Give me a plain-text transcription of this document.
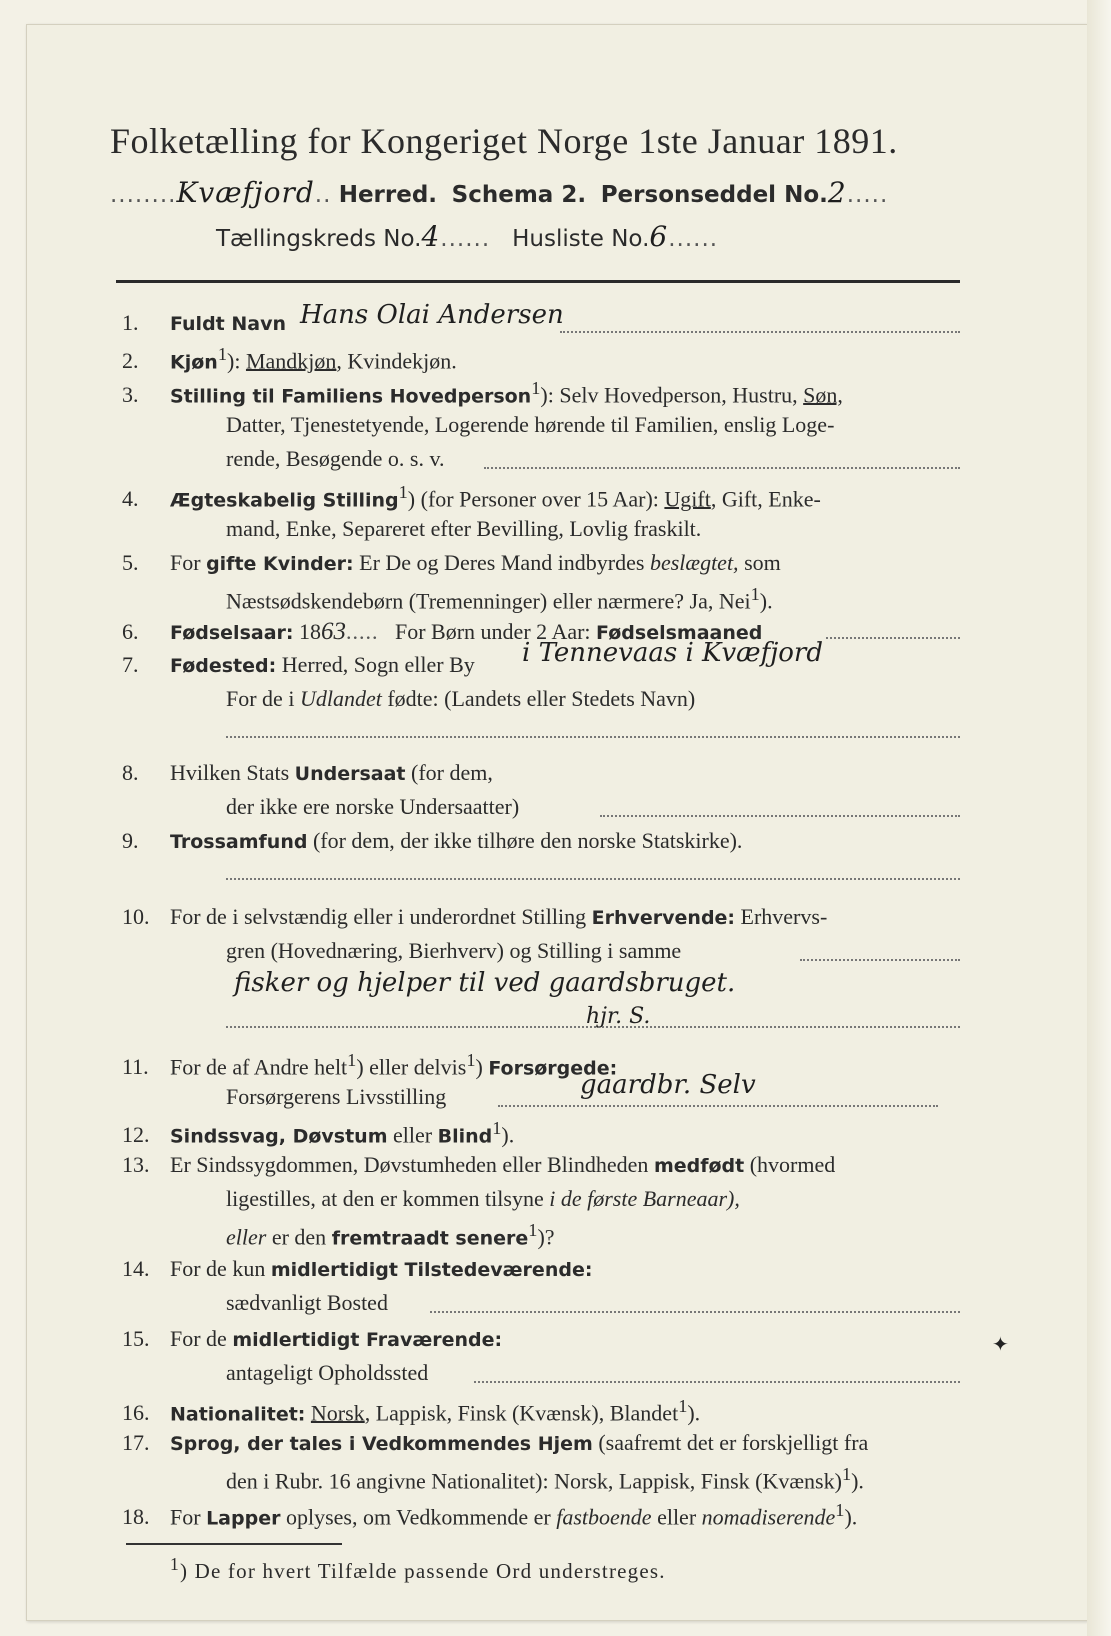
Folketælling for Kongeriget Norge 1ste Januar 1891.
........Kvæfjord.. Herred. Schema 2. Personseddel No.2.....
Tællingskreds No.4...... Husliste No.6......
1. Fuldt Navn Hans Olai Andersen
2. Kjøn$^1$): Mandkjøn, Kvindekjøn.
3. Stilling til Familiens Hovedperson$^1$): Selv Hovedperson, Hustru, Søn,
Datter, Tjenestetyende, Logerende hørende til Familien, enslig Loge-
rende, Besøgende o. s. v.
4. Ægteskabelig Stilling$^1$) (for Personer over 15 Aar): Ugift, Gift, Enke-
mand, Enke, Separeret efter Bevilling, Lovlig fraskilt.
5. For gifte Kvinder: Er De og Deres Mand indbyrdes beslægtet, som
Næstsødskendebørn (Tremenninger) eller nærmere? Ja, Nei$^1$).
6. Fødselsaar: 1863..... For Børn under 2 Aar: Fødselsmaaned
7. Fødested: Herred, Sogn eller By	i Tennevaas i Kvæfjord
For de i Udlandet fødte: (Landets eller Stedets Navn)
8. Hvilken Stats Undersaat (for dem,
der ikke ere norske Undersaatter)
9. Trossamfund (for dem, der ikke tilhøre den norske Statskirke).
10. For de i selvstændig eller i underordnet Stilling Erhvervende: Erhvervs-
gren (Hovednæring, Bierhverv) og Stilling i samme
fisker og hjelper til ved gaardsbruget.
hjr. S.
11. For de af Andre helt$^1$) eller delvis$^1$) Forsørgede:
Forsørgerens Livsstilling	gaardbr. Selv
12. Sindssvag, Døvstum eller Blind$^1$).
13. Er Sindssygdommen, Døvstumheden eller Blindheden medfødt (hvormed
ligestilles, at den er kommen tilsyne i de første Barneaar),
eller er den fremtraadt senere$^1$)?
14. For de kun midlertidigt Tilstedeværende:
sædvanligt Bosted
15. For de midlertidigt Fraværende:
antageligt Opholdssted
✦
16. Nationalitet: Norsk, Lappisk, Finsk (Kvænsk), Blandet$^1$).
17. Sprog, der tales i Vedkommendes Hjem (saafremt det er forskjelligt fra
den i Rubr. 16 angivne Nationalitet): Norsk, Lappisk, Finsk (Kvænsk)$^1$).
18. For Lapper oplyses, om Vedkommende er fastboende eller nomadiserende$^1$).
$^1$) De for hvert Tilfælde passende Ord understreges.
